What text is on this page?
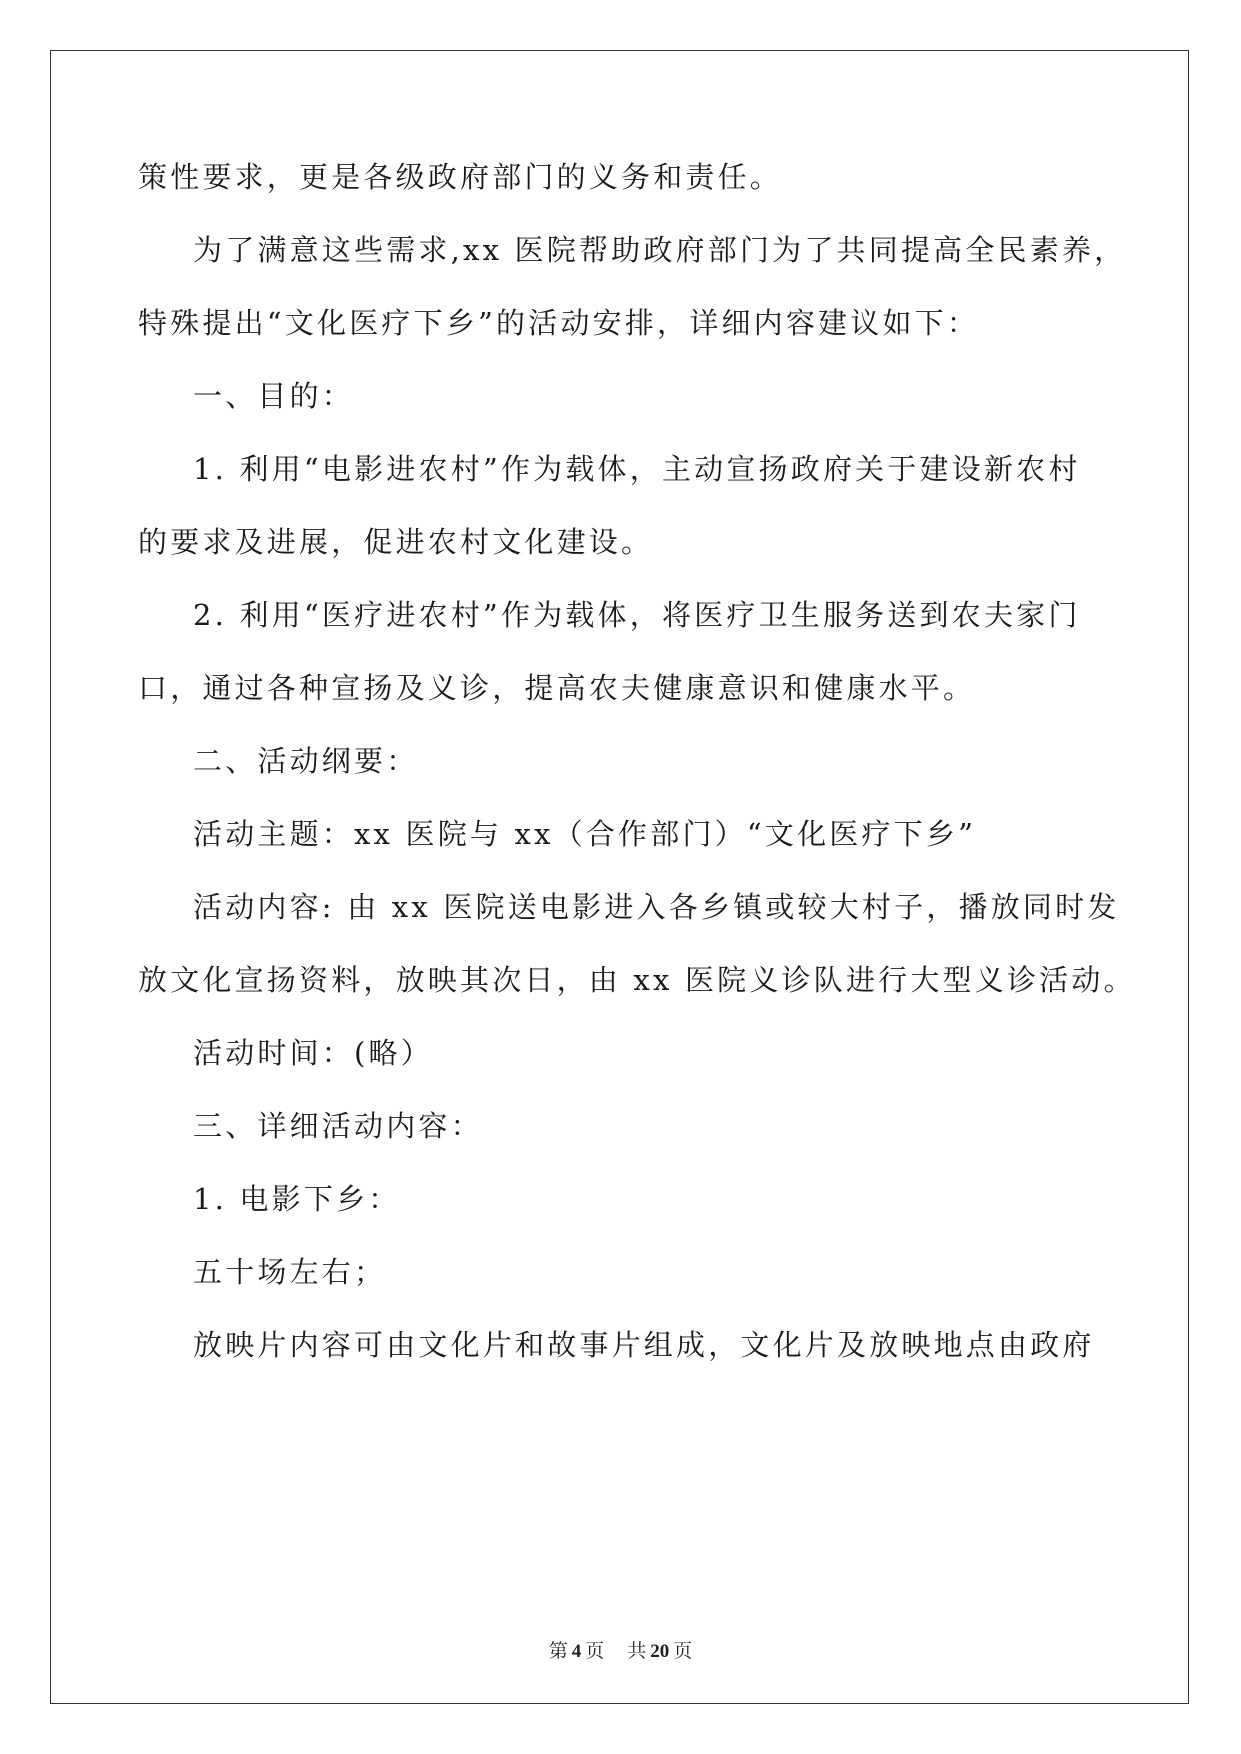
策性要求，更是各级政府部门的义务和责任。
为了满意这些需求,xx 医院帮助政府部门为了共同提高全民素养，
特殊提出“文化医疗下乡”的活动安排，详细内容建议如下：
一、目的：
1. 利用“电影进农村”作为载体，主动宣扬政府关于建设新农村
的要求及进展，促进农村文化建设。
2. 利用“医疗进农村”作为载体，将医疗卫生服务送到农夫家门
口，通过各种宣扬及义诊，提高农夫健康意识和健康水平。
二、活动纲要：
活动主题：xx 医院与 xx（合作部门）“文化医疗下乡”
活动内容: 由 xx 医院送电影进入各乡镇或较大村子，播放同时发
放文化宣扬资料，放映其次日，由 xx 医院义诊队进行大型义诊活动。
活动时间：(略）
三、详细活动内容：
1. 电影下乡：
五十场左右；
放映片内容可由文化片和故事片组成，文化片及放映地点由政府
第 4 页 共 20 页
